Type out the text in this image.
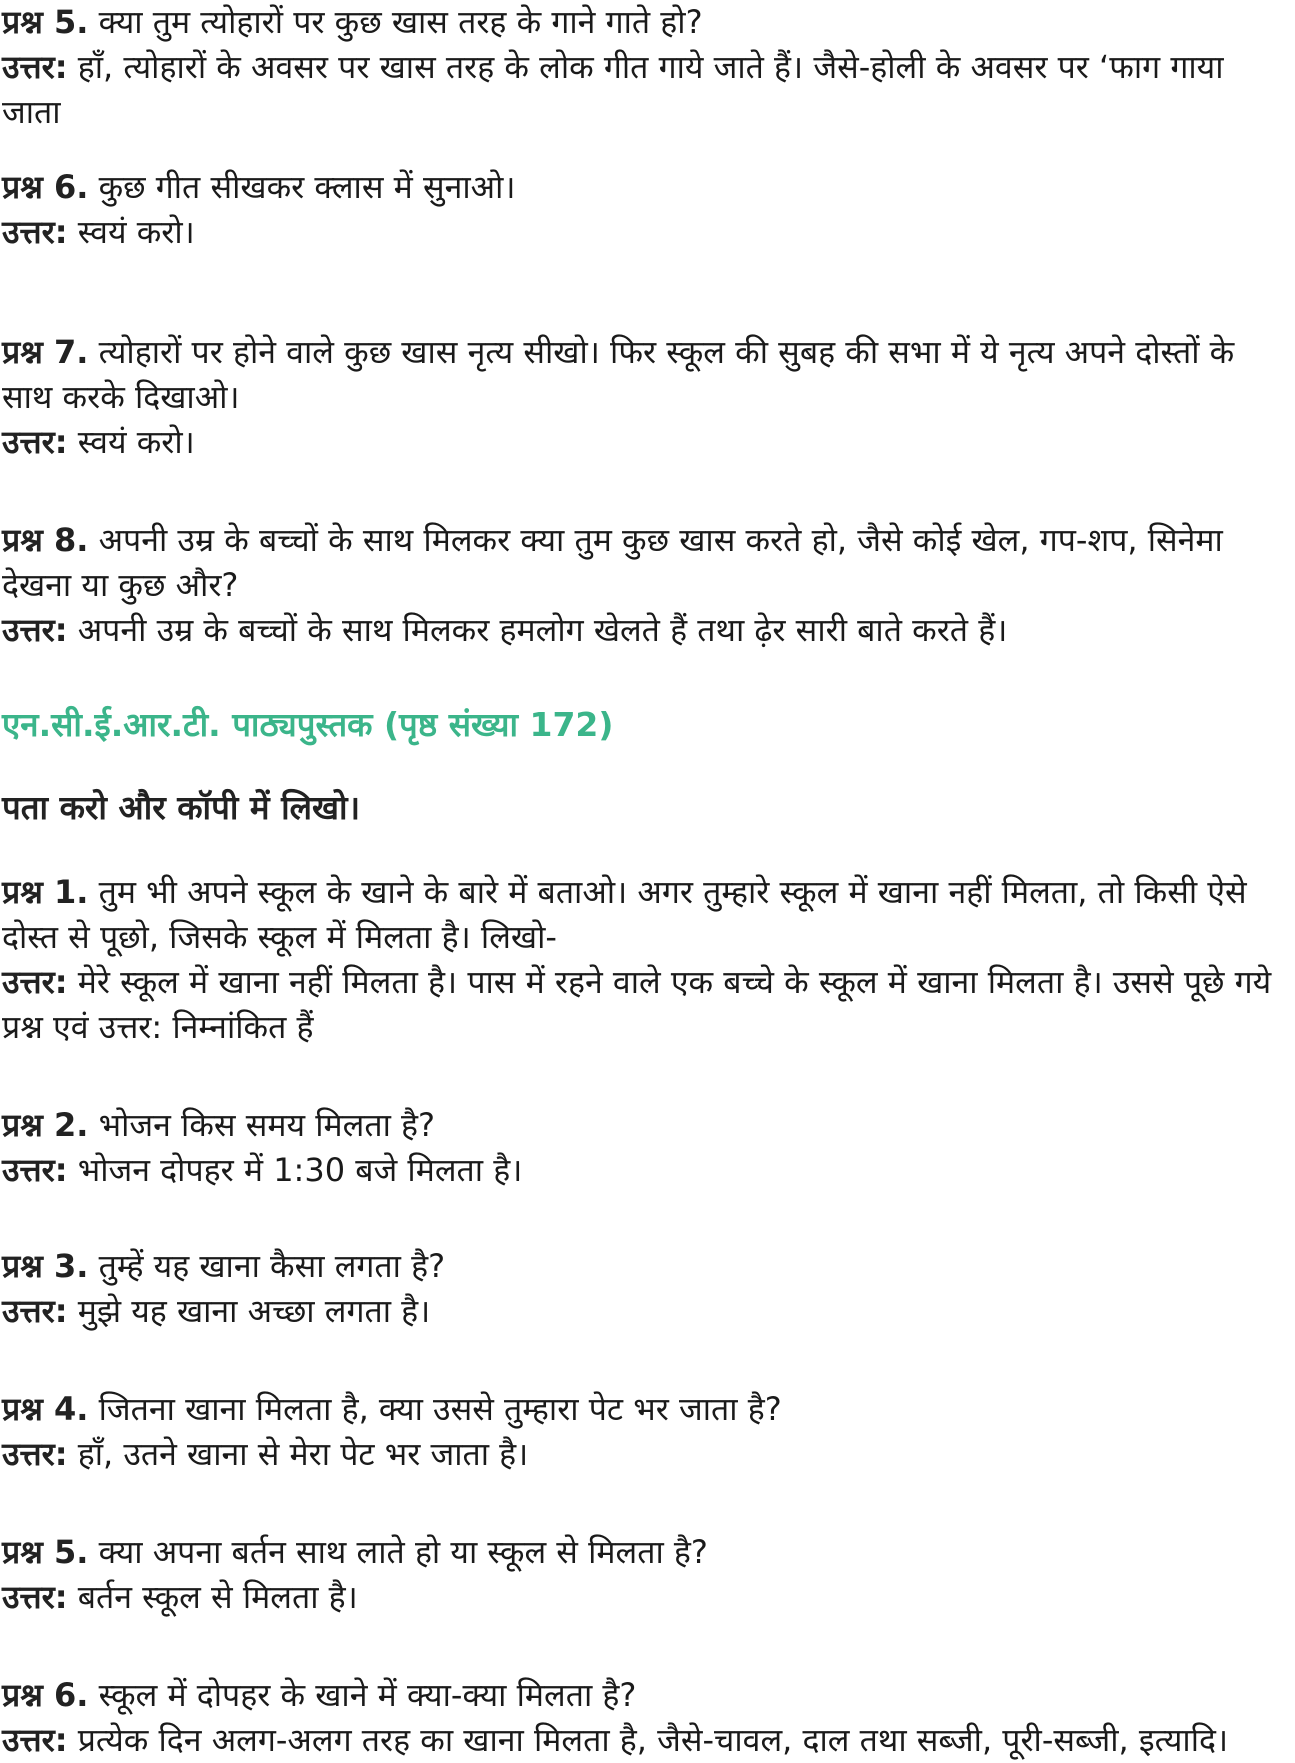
प्रश्न 5. क्या तुम त्योहारों पर कुछ खास तरह के गाने गाते हो?

उत्तर: हाँ, त्योहारों के अवसर पर खास तरह के लोक गीत गाये जाते हैं। जैसे-होली के अवसर पर ‘फाग गाया जाता

प्रश्न 6. कुछ गीत सीखकर क्लास में सुनाओ।

उत्तर: स्वयं करो।

प्रश्न 7. त्योहारों पर होने वाले कुछ खास नृत्य सीखो। फिर स्कूल की सुबह की सभा में ये नृत्य अपने दोस्तों के साथ करके दिखाओ।

उत्तर: स्वयं करो।

प्रश्न 8. अपनी उम्र के बच्चों के साथ मिलकर क्या तुम कुछ खास करते हो, जैसे कोई खेल, गप-शप, सिनेमा देखना या कुछ और?

उत्तर: अपनी उम्र के बच्चों के साथ मिलकर हमलोग खेलते हैं तथा ढ़ेर सारी बाते करते हैं।

एन.सी.ई.आर.टी. पाठ्यपुस्तक (पृष्ठ संख्या 172)
पता करो और कॉपी में लिखो।

प्रश्न 1. तुम भी अपने स्कूल के खाने के बारे में बताओ। अगर तुम्हारे स्कूल में खाना नहीं मिलता, तो किसी ऐसे दोस्त से पूछो, जिसके स्कूल में मिलता है। लिखो-

उत्तर: मेरे स्कूल में खाना नहीं मिलता है। पास में रहने वाले एक बच्चे के स्कूल में खाना मिलता है। उससे पूछे गये प्रश्न एवं उत्तर: निम्नांकित हैं

प्रश्न 2. भोजन किस समय मिलता है?

उत्तर: भोजन दोपहर में 1:30 बजे मिलता है।

प्रश्न 3. तुम्हें यह खाना कैसा लगता है?

उत्तर: मुझे यह खाना अच्छा लगता है।

प्रश्न 4. जितना खाना मिलता है, क्या उससे तुम्हारा पेट भर जाता है?

उत्तर: हाँ, उतने खाना से मेरा पेट भर जाता है।

प्रश्न 5. क्या अपना बर्तन साथ लाते हो या स्कूल से मिलता है?

उत्तर: बर्तन स्कूल से मिलता है।

प्रश्न 6. स्कूल में दोपहर के खाने में क्या-क्या मिलता है?

उत्तर: प्रत्येक दिन अलग-अलग तरह का खाना मिलता है, जैसे-चावल, दाल तथा सब्जी, पूरी-सब्जी, इत्यादि।
